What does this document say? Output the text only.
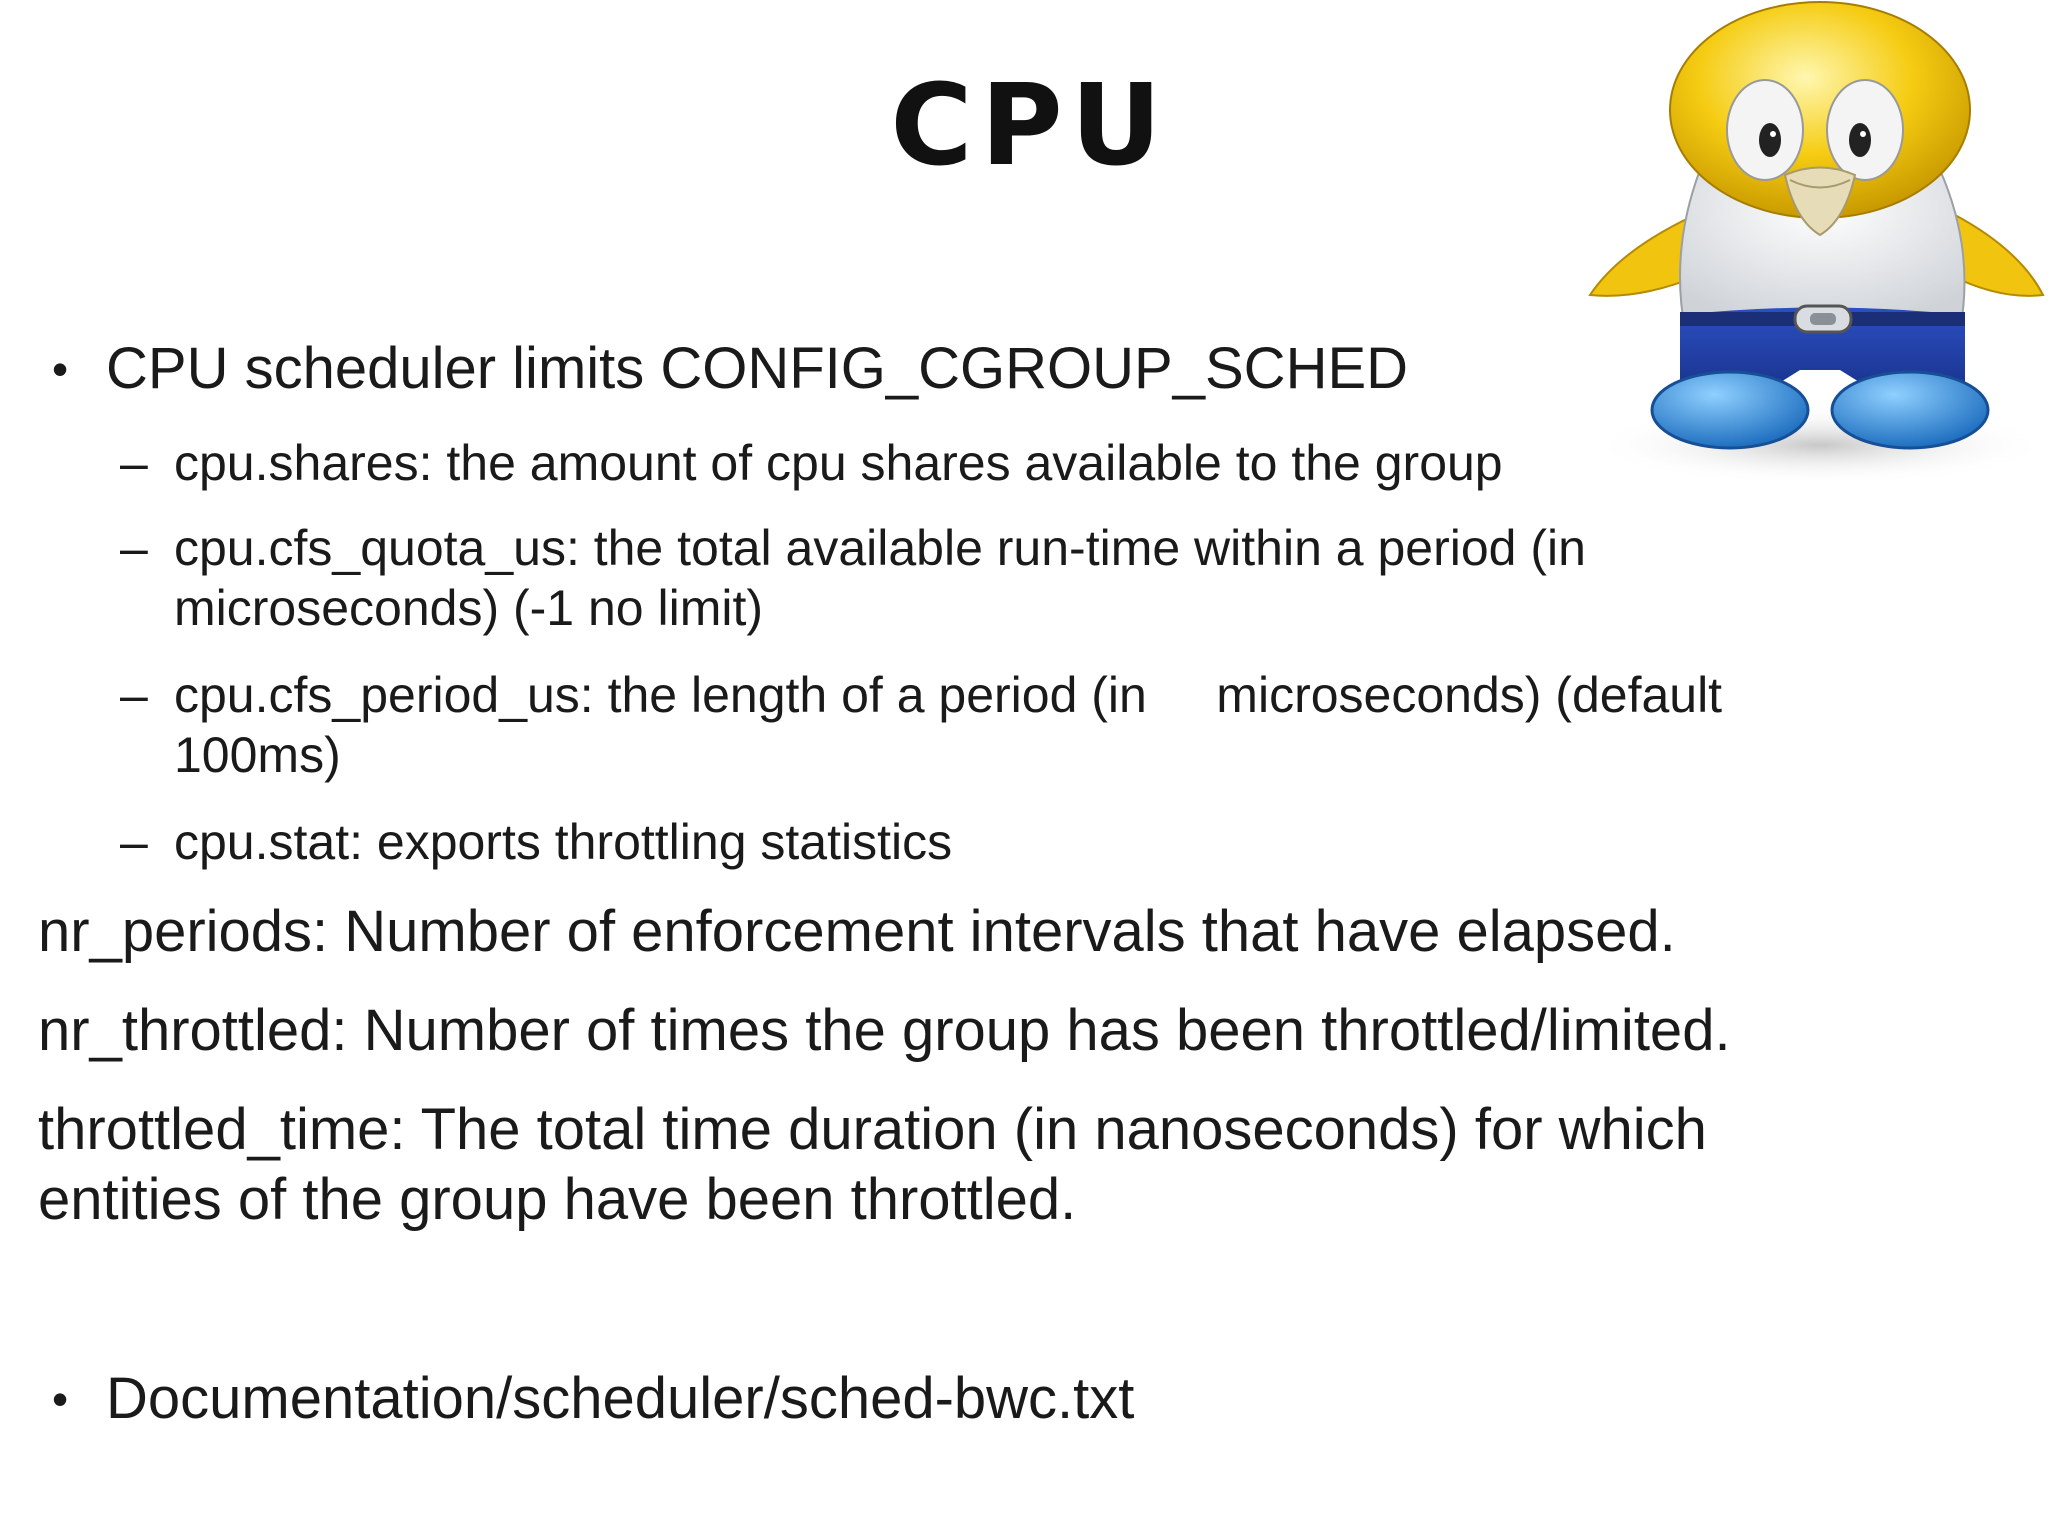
CPU
• CPU scheduler limits CONFIG_CGROUP_SCHED
– cpu.shares: the amount of cpu shares available to the group
– cpu.cfs_quota_us: the total available run-time within a period (in
microseconds) (-1 no limit)
– cpu.cfs_period_us: the length of a period (in     microseconds) (default
100ms)
– cpu.stat: exports throttling statistics
nr_periods: Number of enforcement intervals that have elapsed.
nr_throttled: Number of times the group has been throttled/limited.
throttled_time: The total time duration (in nanoseconds) for which
entities of the group have been throttled.
• Documentation/scheduler/sched-bwc.txt
